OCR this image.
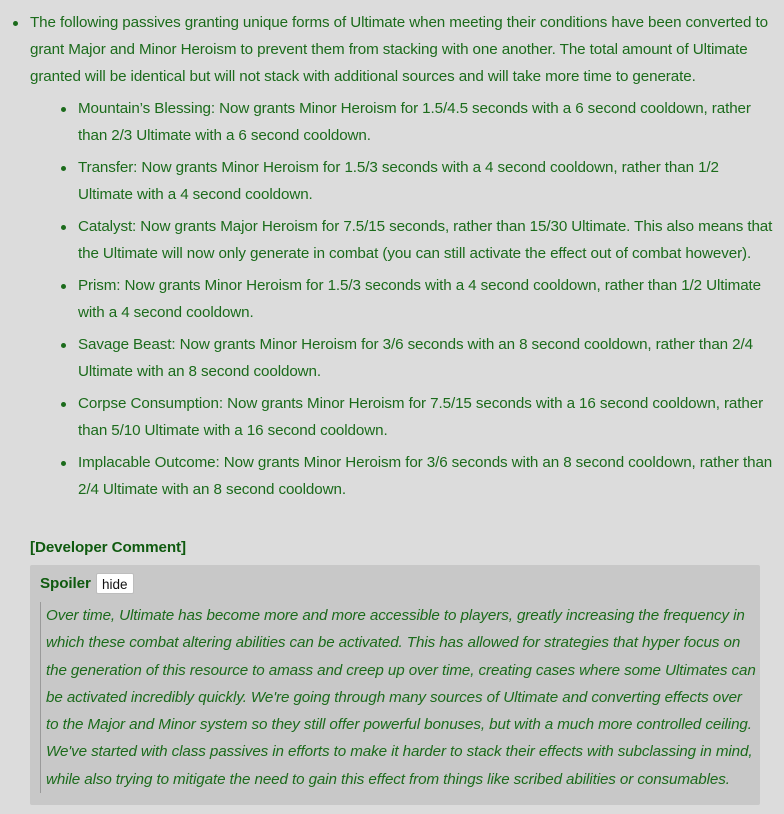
The following passives granting unique forms of Ultimate when meeting their conditions have been converted to grant Major and Minor Heroism to prevent them from stacking with one another. The total amount of Ultimate granted will be identical but will not stack with additional sources and will take more time to generate.
Mountain’s Blessing: Now grants Minor Heroism for 1.5/4.5 seconds with a 6 second cooldown, rather than 2/3 Ultimate with a 6 second cooldown.
Transfer: Now grants Minor Heroism for 1.5/3 seconds with a 4 second cooldown, rather than 1/2 Ultimate with a 4 second cooldown.
Catalyst: Now grants Major Heroism for 7.5/15 seconds, rather than 15/30 Ultimate. This also means that the Ultimate will now only generate in combat (you can still activate the effect out of combat however).
Prism: Now grants Minor Heroism for 1.5/3 seconds with a 4 second cooldown, rather than 1/2 Ultimate with a 4 second cooldown.
Savage Beast: Now grants Minor Heroism for 3/6 seconds with an 8 second cooldown, rather than 2/4 Ultimate with an 8 second cooldown.
Corpse Consumption: Now grants Minor Heroism for 7.5/15 seconds with a 16 second cooldown, rather than 5/10 Ultimate with a 16 second cooldown.
Implacable Outcome: Now grants Minor Heroism for 3/6 seconds with an 8 second cooldown, rather than 2/4 Ultimate with an 8 second cooldown.
[Developer Comment]
Spoiler hide
Over time, Ultimate has become more and more accessible to players, greatly increasing the frequency in which these combat altering abilities can be activated. This has allowed for strategies that hyper focus on the generation of this resource to amass and creep up over time, creating cases where some Ultimates can be activated incredibly quickly. We're going through many sources of Ultimate and converting effects over to the Major and Minor system so they still offer powerful bonuses, but with a much more controlled ceiling. We've started with class passives in efforts to make it harder to stack their effects with subclassing in mind, while also trying to mitigate the need to gain this effect from things like scribed abilities or consumables.
